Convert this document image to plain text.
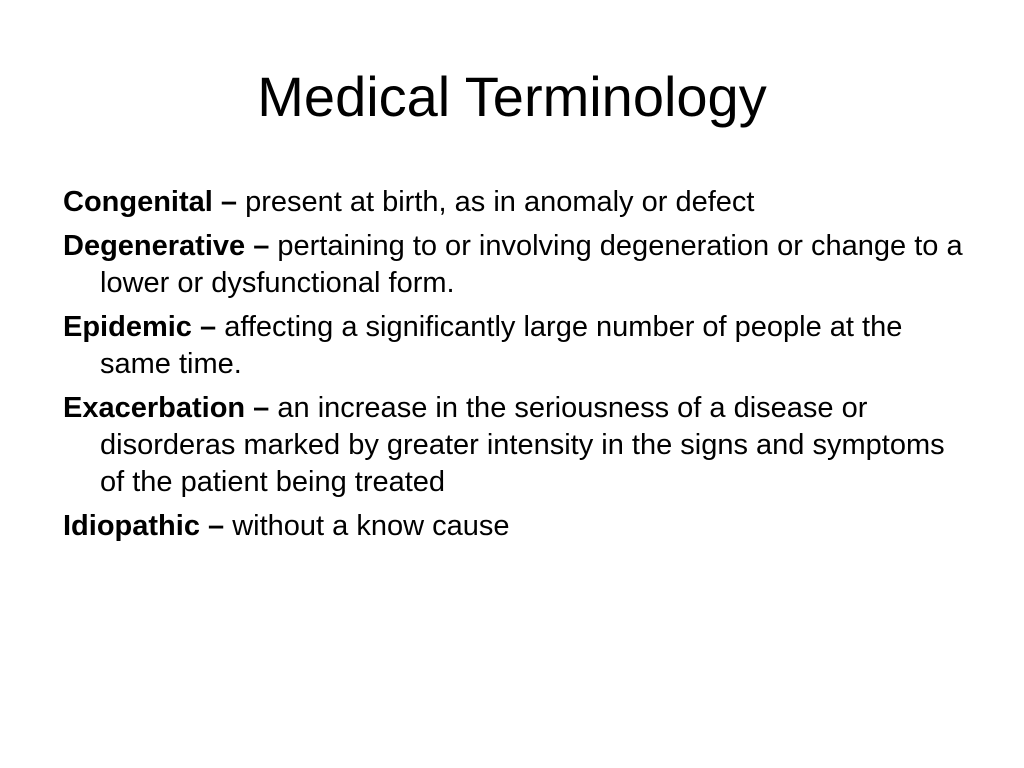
Medical Terminology
Congenital – present at birth, as in anomaly or defect
Degenerative – pertaining to or involving degeneration or change to a lower or dysfunctional form.
Epidemic – affecting a significantly large number of people at the same time.
Exacerbation – an increase in the seriousness of a disease or disorderas marked by greater intensity in the signs and symptoms of the patient being treated
Idiopathic – without a know cause
